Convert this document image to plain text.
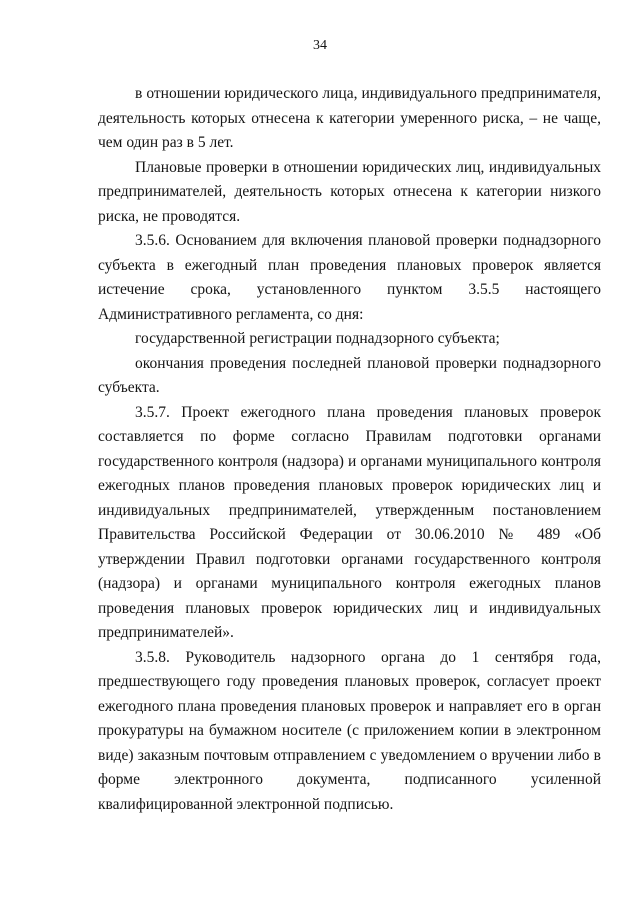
34

в отношении юридического лица, индивидуального предпринимателя, деятельность которых отнесена к категории умеренного риска, – не чаще, чем один раз в 5 лет.

Плановые проверки в отношении юридических лиц, индивидуальных предпринимателей, деятельность которых отнесена к категории низкого риска, не проводятся.

3.5.6. Основанием для включения плановой проверки поднадзорного субъекта в ежегодный план проведения плановых проверок является истечение срока, установленного пунктом 3.5.5 настоящего Административного регламента, со дня:

государственной регистрации поднадзорного субъекта;

окончания проведения последней плановой проверки поднадзорного субъекта.

3.5.7. Проект ежегодного плана проведения плановых проверок составляется по форме согласно Правилам подготовки органами государственного контроля (надзора) и органами муниципального контроля ежегодных планов проведения плановых проверок юридических лиц и индивидуальных предпринимателей, утвержденным постановлением Правительства Российской Федерации от 30.06.2010 № 489 «Об утверждении Правил подготовки органами государственного контроля (надзора) и органами муниципального контроля ежегодных планов проведения плановых проверок юридических лиц и индивидуальных предпринимателей».

3.5.8. Руководитель надзорного органа до 1 сентября года, предшествующего году проведения плановых проверок, согласует проект ежегодного плана проведения плановых проверок и направляет его в орган прокуратуры на бумажном носителе (с приложением копии в электронном виде) заказным почтовым отправлением с уведомлением о вручении либо в форме электронного документа, подписанного усиленной квалифицированной электронной подписью.
